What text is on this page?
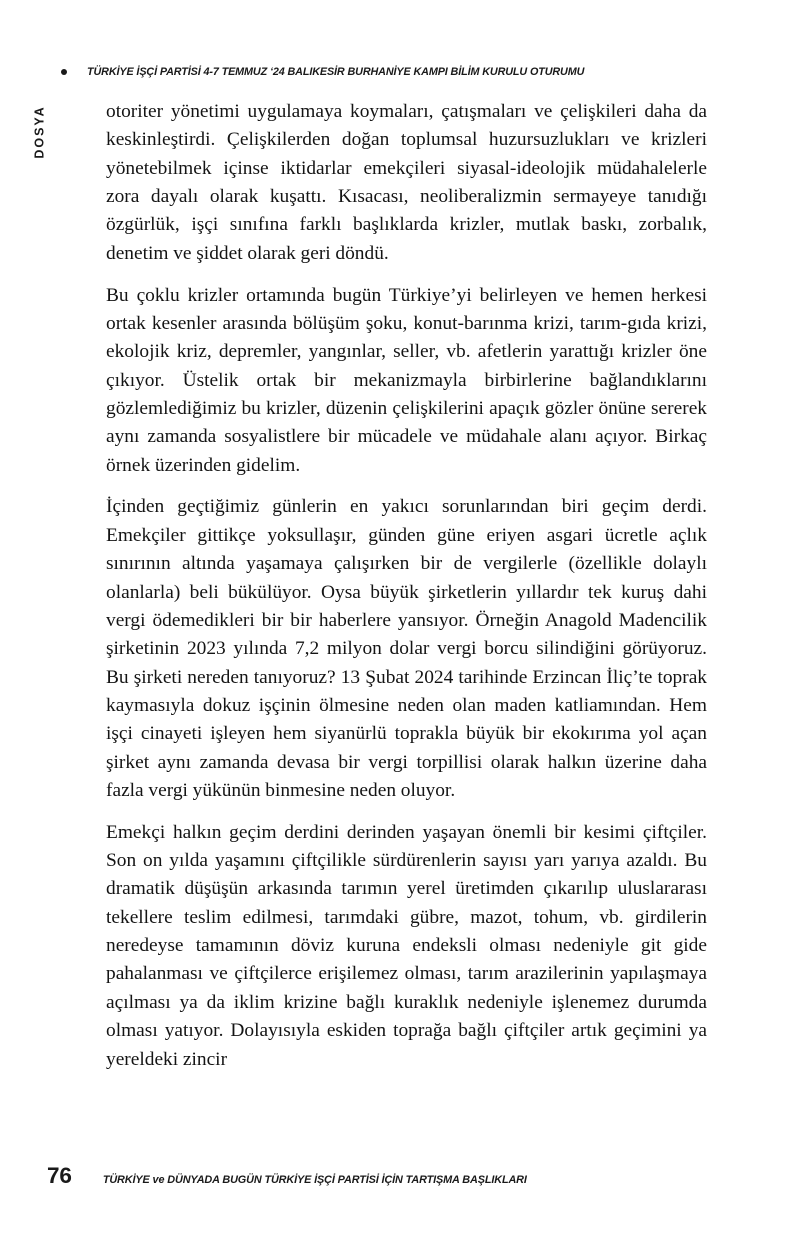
TÜRKİYE İŞÇİ PARTİSİ 4-7 TEMMUZ ‘24 BALIKESİR BURHANİYE KAMPI BİLİM KURULU OTURUMU
DOSYA	otoriter yönetimi uygulamaya koymaları, çatışmaları ve çelişkileri daha da keskinleştirdi. Çelişkilerden doğan toplumsal huzursuzlukları ve krizleri yönetebilmek içinse iktidarlar emekçileri siyasal-ideolojik müdahalelerle zora dayalı olarak kuşattı. Kısacası, neoliberalizmin sermayeye tanıdığı özgürlük, işçi sınıfına farklı başlıklarda krizler, mutlak baskı, zorbalık, denetim ve şiddet olarak geri döndü.

Bu çoklu krizler ortamında bugün Türkiye’yi belirleyen ve hemen herkesi ortak kesenler arasında bölüşüm şoku, konut-barınma krizi, tarım-gıda krizi, ekolojik kriz, depremler, yangınlar, seller, vb. afetlerin yarattığı krizler öne çıkıyor. Üstelik ortak bir mekanizmayla birbirlerine bağlandıklarını gözlemlediğimiz bu krizler, düzenin çelişkilerini apaçık gözler önüne sererek aynı zamanda sosyalistlere bir mücadele ve müdahale alanı açıyor. Birkaç örnek üzerinden gidelim.

İçinden geçtiğimiz günlerin en yakıcı sorunlarından biri geçim derdi. Emekçiler gittikçe yoksullaşır, günden güne eriyen asgari ücretle açlık sınırının altında yaşamaya çalışırken bir de vergilerle (özellikle dolaylı olanlarla) beli bükülüyor. Oysa büyük şirketlerin yıllardır tek kuruş dahi vergi ödemedikleri bir bir haberlere yansıyor. Örneğin Anagold Madencilik şirketinin 2023 yılında 7,2 milyon dolar vergi borcu silindiğini görüyoruz. Bu şirketi nereden tanıyoruz? 13 Şubat 2024 tarihinde Erzincan İliç’te toprak kaymasıyla dokuz işçinin ölmesine neden olan maden katliamından. Hem işçi cinayeti işleyen hem siyanürlü toprakla büyük bir ekokırıma yol açan şirket aynı zamanda devasa bir vergi torpillisi olarak halkın üzerine daha fazla vergi yükünün binmesine neden oluyor.

Emekçi halkın geçim derdini derinden yaşayan önemli bir kesimi çiftçiler. Son on yılda yaşamını çiftçilikle sürdürenlerin sayısı yarı yarıya azaldı. Bu dramatik düşüşün arkasında tarımın yerel üretimden çıkarılıp uluslararası tekellere teslim edilmesi, tarımdaki gübre, mazot, tohum, vb. girdilerin neredeyse tamamının döviz kuruna endeksli olması nedeniyle git gide pahalanması ve çiftçilerce erişilemez olması, tarım arazilerinin yapılaşmaya açılması ya da iklim krizine bağlı kuraklık nedeniyle işlenemez durumda olması yatıyor. Dolayısıyla eskiden toprağa bağlı çiftçiler artık geçimini ya yereldeki zincir

76	TÜRKİYE ve DÜNYADA BUGÜN TÜRKİYE İŞÇİ PARTİSİ İÇİN TARTIŞMA BAŞLIKLARI
